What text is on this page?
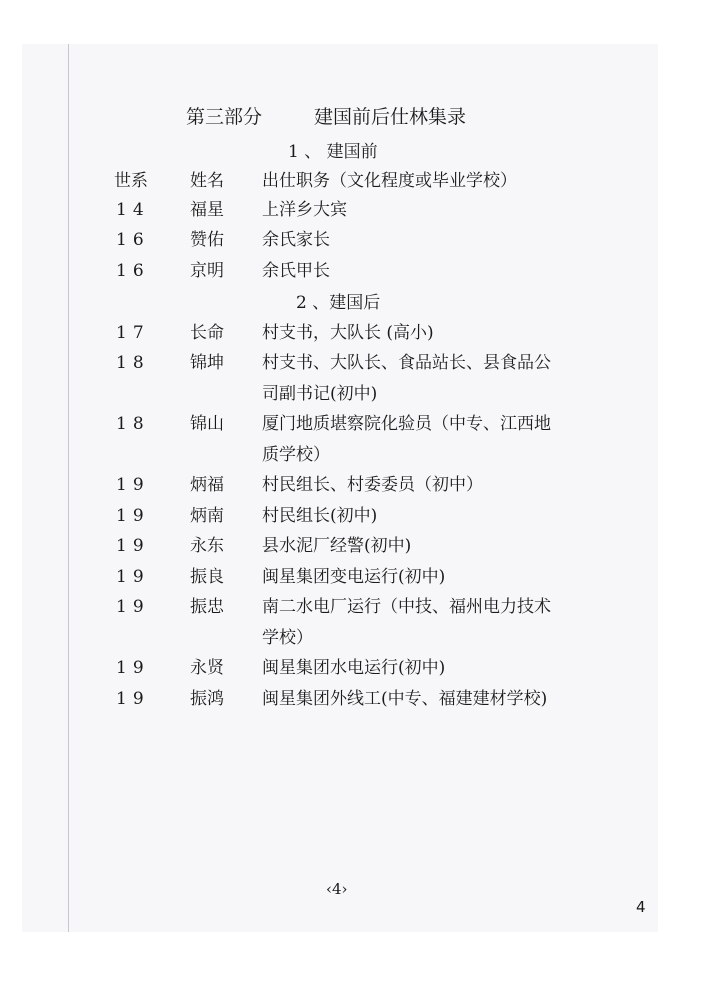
第三部分	建国前后仕林集录
1 、 建国前
世系 姓名 出仕职务（文化程度或毕业学校）
14 福星 上洋乡大宾
16 赞佑 余氏家长
16 京明 余氏甲长
2 、建国后
17 长命 村支书，大队长 (高小)
18 锦坤 村支书、大队长、食品站长、县食品公
司副书记(初中)
18 锦山 厦门地质堪察院化验员（中专、江西地
质学校）
19 炳福 村民组长、村委委员（初中）
19 炳南 村民组长(初中)
19 永东 县水泥厂经警(初中)
19 振良 闽星集团变电运行(初中)
19 振忠 南二水电厂运行（中技、福州电力技术
学校）
19 永贤 闽星集团水电运行(初中)
19 振鸿 闽星集团外线工(中专、福建建材学校)
‹4›
4
